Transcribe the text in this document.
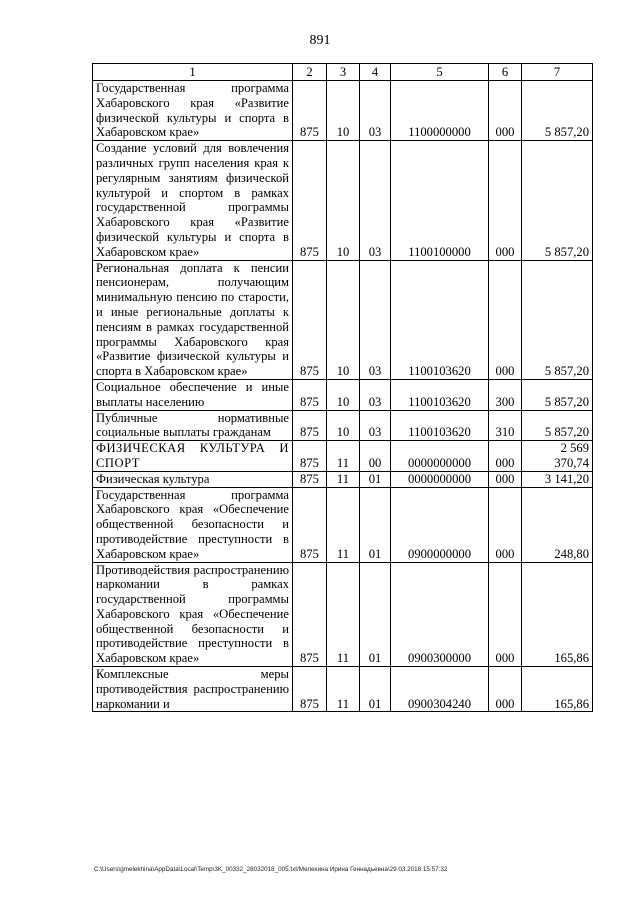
891
1	2	3	4	5	6	7
Государственная программа Хабаровского края «Развитие физической культуры и спорта в Хабаровском крае»	875	10	03	1100000000	000	5 857,20
Создание условий для вовлечения различных групп населения края к регулярным занятиям физической культурой и спортом в рамках государственной программы Хабаровского края «Развитие физической культуры и спорта в Хабаровском крае»	875	10	03	1100100000	000	5 857,20
Региональная доплата к пенсии пенсионерам, получающим минимальную пенсию по старости, и иные региональные доплаты к пенсиям в рамках государственной программы Хабаровского края «Развитие физической культуры и спорта в Хабаровском крае»	875	10	03	1100103620	000	5 857,20
Социальное обеспечение и иные выплаты населению	875	10	03	1100103620	300	5 857,20
Публичные нормативные социальные выплаты гражданам	875	10	03	1100103620	310	5 857,20
ФИЗИЧЕСКАЯ КУЛЬТУРА И СПОРТ	875	11	00	0000000000	000	2 569 370,74
Физическая культура	875	11	01	0000000000	000	3 141,20
Государственная программа Хабаровского края «Обеспечение общественной безопасности и противодействие преступности в Хабаровском крае»	875	11	01	0900000000	000	248,80
Противодействия распространению наркомании в рамках государственной программы Хабаровского края «Обеспечение общественной безопасности и противодействие преступности в Хабаровском крае»	875	11	01	0900300000	000	165,86
Комплексные меры противодействия распространению наркомании и	875	11	01	0900304240	000	165,86
C:\Users\gmelekhina\AppData\Local\Temp\3K_00332_28032018_005.txt/Мелехина Ирина Геннадьевна\29.03.2018 15:57:32
